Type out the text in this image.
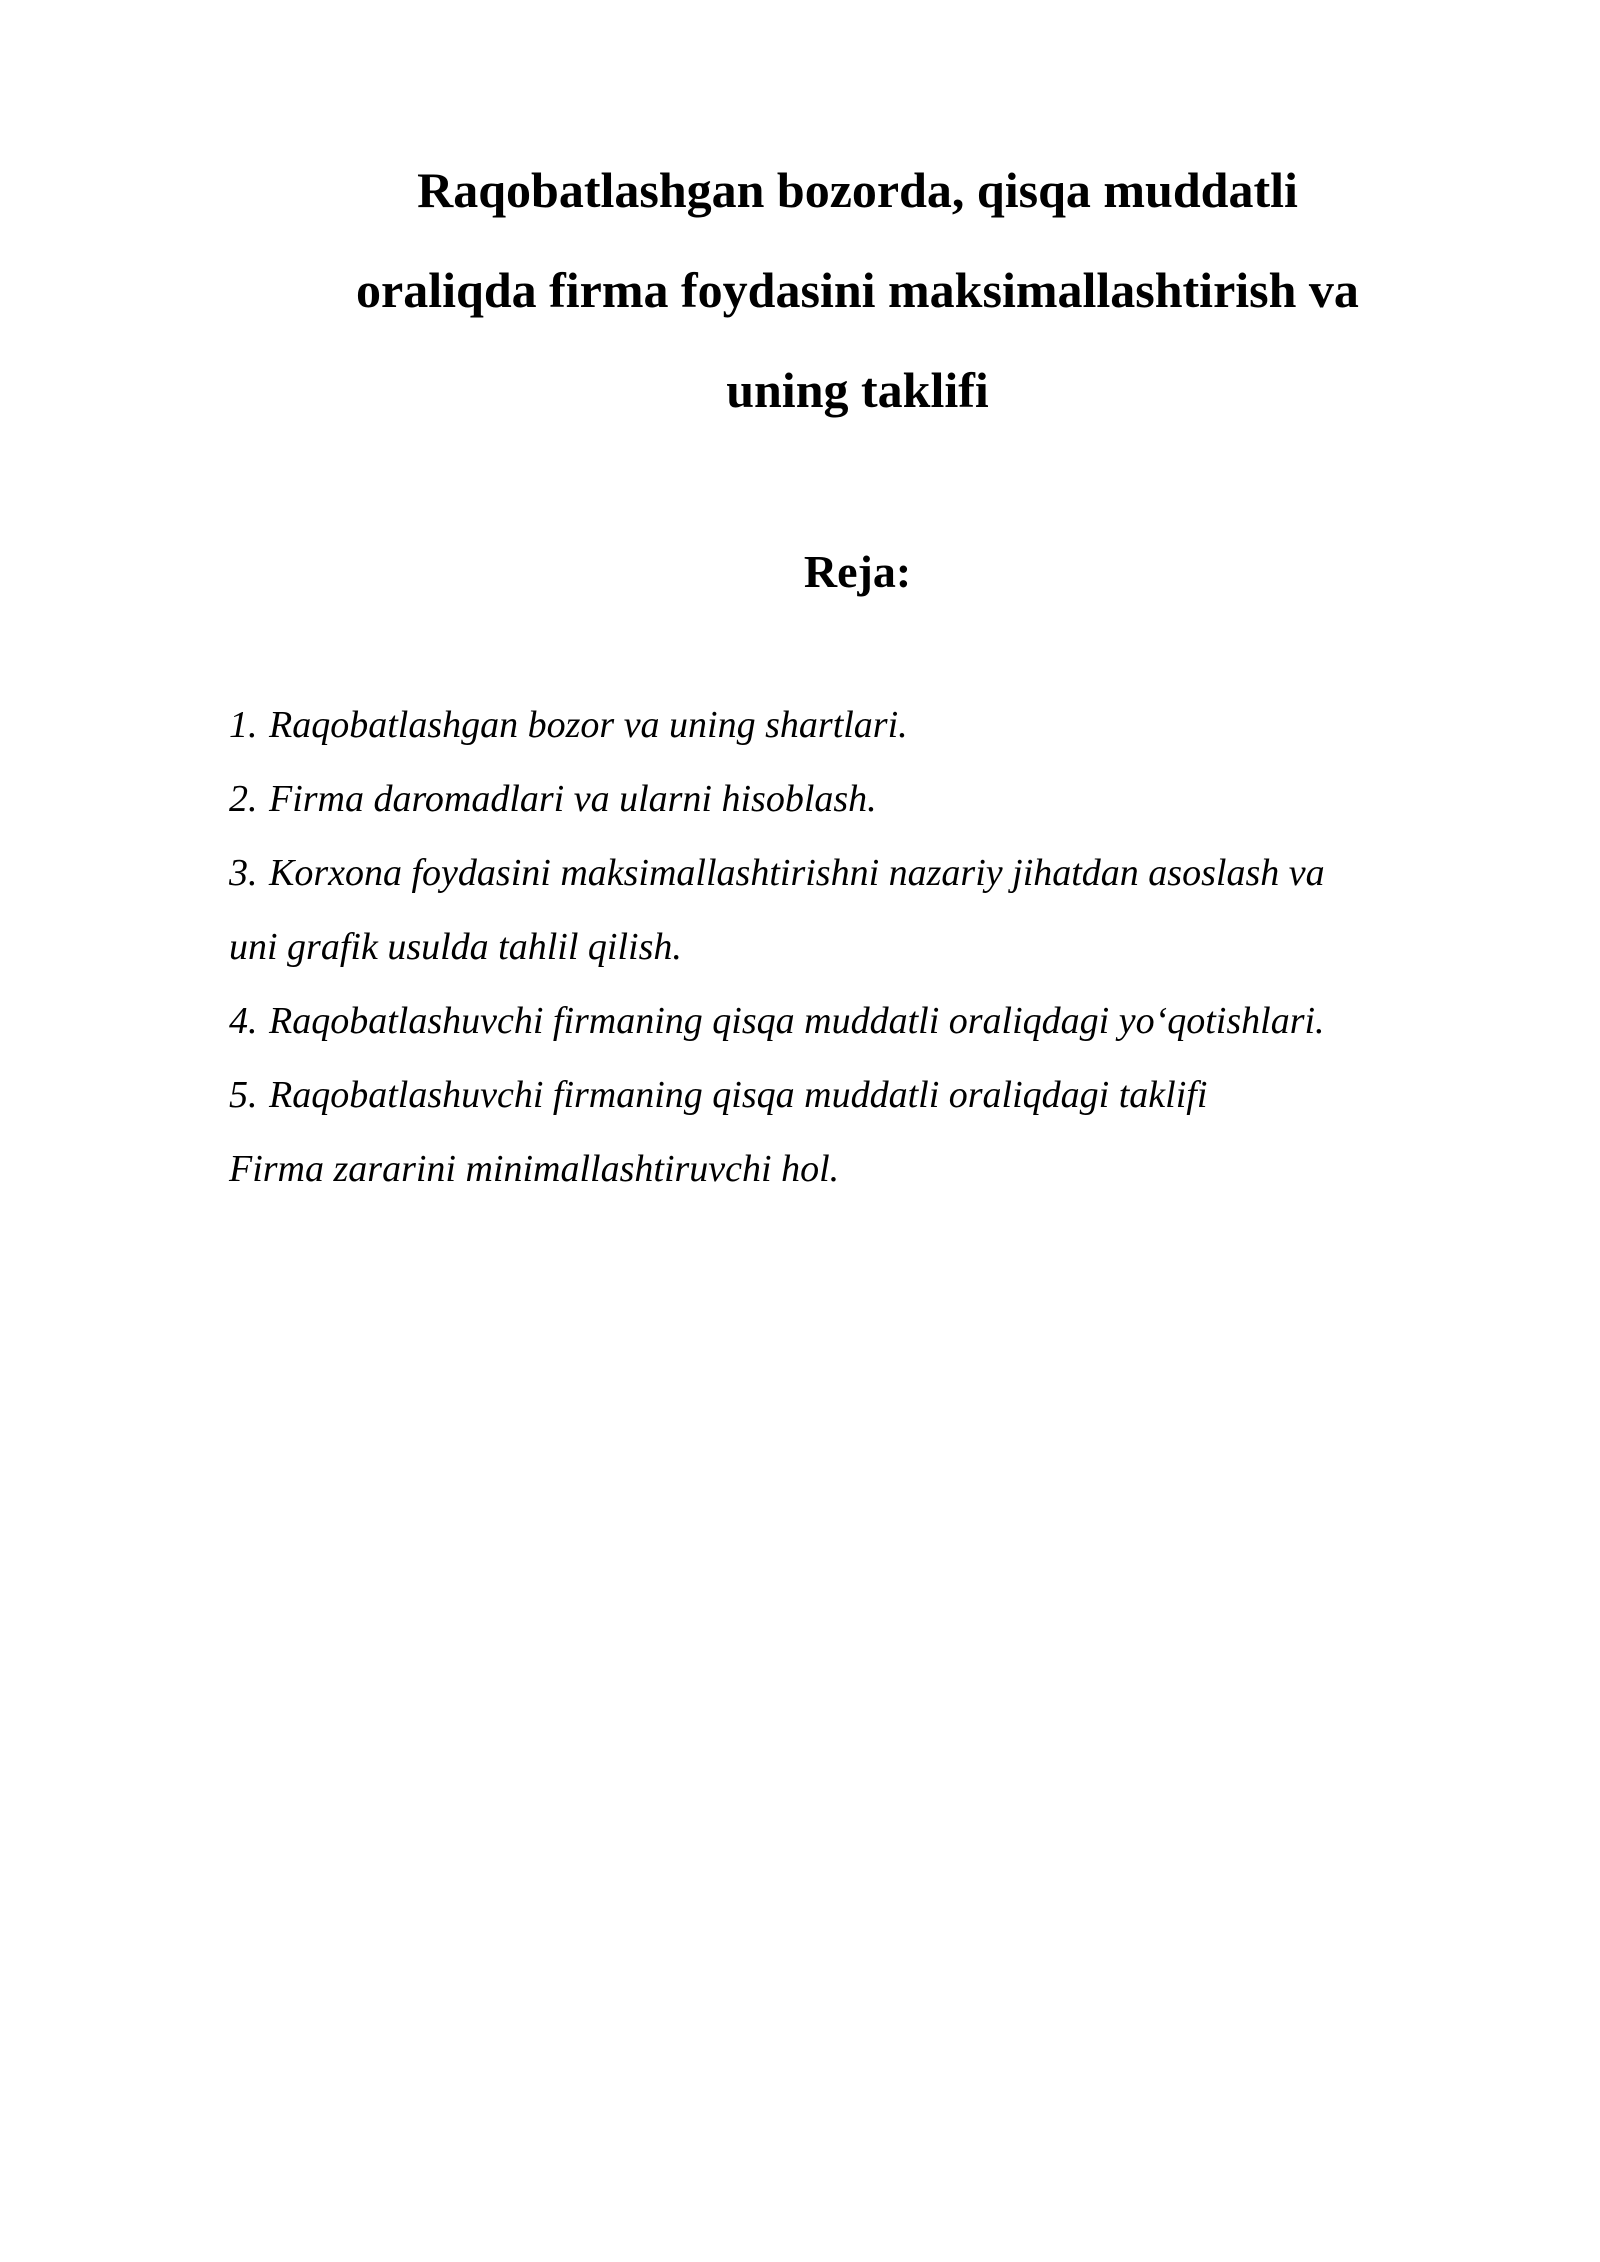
Raqobatlashgan bozorda, qisqa muddatli
oraliqda firma foydasini maksimallashtirish va
uning taklifi
Reja:
1. Raqobatlashgan bozor va uning shartlari.
2. Firma daromadlari va ularni hisoblash.
3. Korxona foydasini maksimallashtirishni nazariy jihatdan asoslash va
uni grafik usulda tahlil qilish.
4. Raqobatlashuvchi firmaning qisqa muddatli oraliqdagi yo‘qotishlari.
5. Raqobatlashuvchi firmaning qisqa muddatli oraliqdagi taklifi
Firma zararini minimallashtiruvchi hol.
